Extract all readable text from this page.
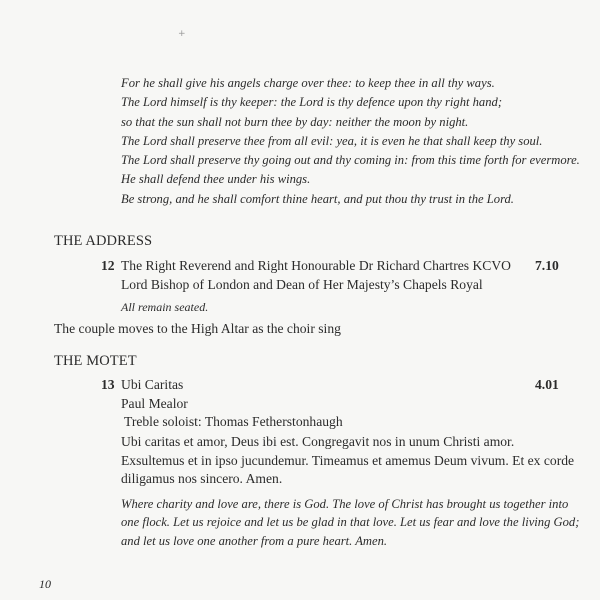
+
For he shall give his angels charge over thee: to keep thee in all thy ways.
The Lord himself is thy keeper: the Lord is thy defence upon thy right hand;
so that the sun shall not burn thee by day: neither the moon by night.
The Lord shall preserve thee from all evil: yea, it is even he that shall keep thy soul.
The Lord shall preserve thy going out and thy coming in: from this time forth for evermore.
He shall defend thee under his wings.
Be strong, and he shall comfort thine heart, and put thou thy trust in the Lord.
THE ADDRESS
12 The Right Reverend and Right Honourable Dr Richard Chartres KCVO 7.10
Lord Bishop of London and Dean of Her Majesty’s Chapels Royal
All remain seated.
The couple moves to the High Altar as the choir sing
THE MOTET
13 Ubi Caritas	4.01
Paul Mealor
Treble soloist: Thomas Fetherstonhaugh
Ubi caritas et amor, Deus ibi est. Congregavit nos in unum Christi amor.
Exsultemus et in ipso jucundemur. Timeamus et amemus Deum vivum. Et ex corde
diligamus nos sincero. Amen.
Where charity and love are, there is God. The love of Christ has brought us together into
one flock. Let us rejoice and let us be glad in that love. Let us fear and love the living God;
and let us love one another from a pure heart. Amen.
10
